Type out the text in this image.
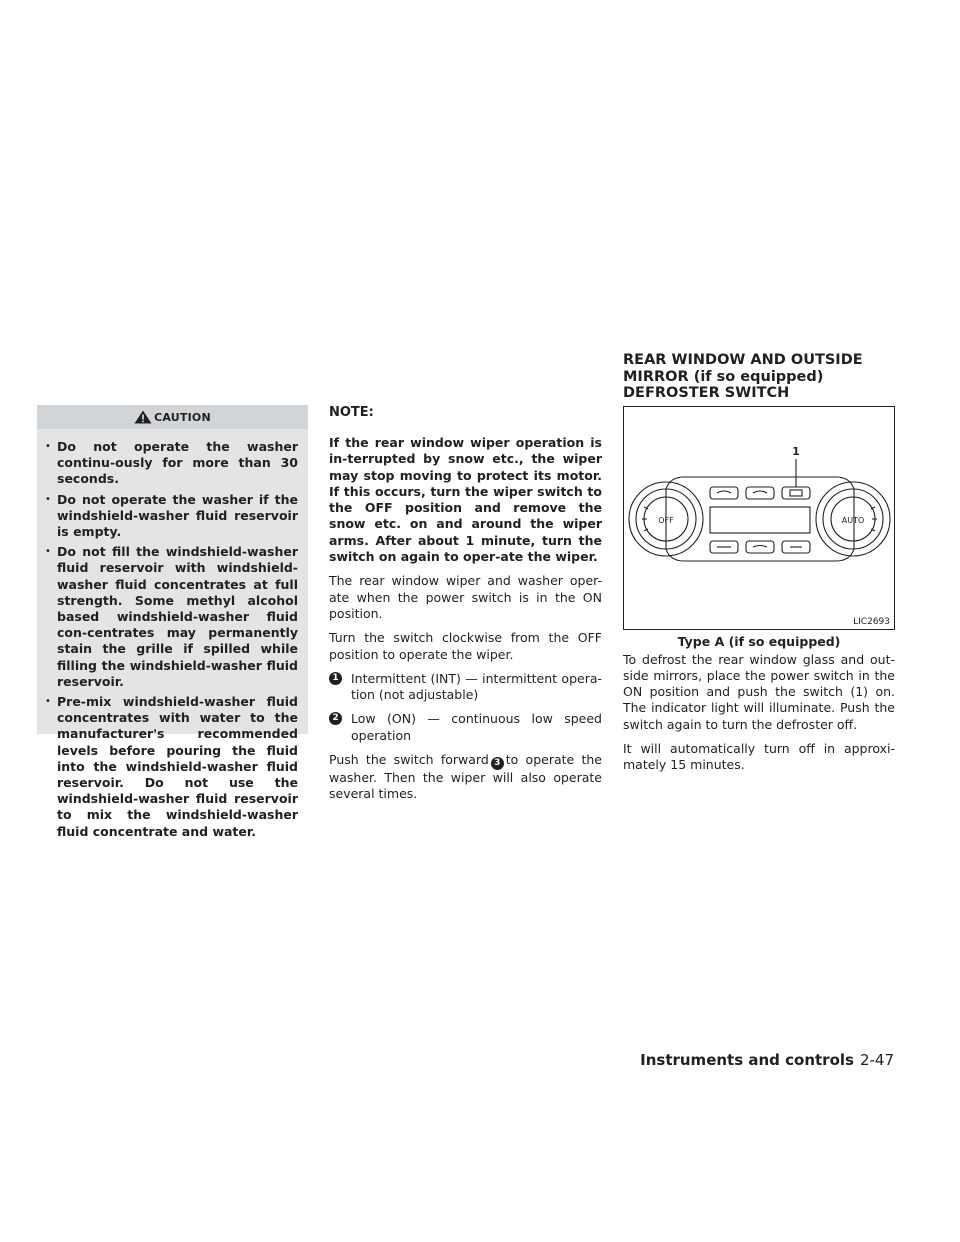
CAUTION
• Do not operate the washer continu-ously for more than 30 seconds.
• Do not operate the washer if the windshield-washer fluid reservoir is empty.
• Do not fill the windshield-washer fluid reservoir with windshield-washer fluid concentrates at full strength. Some methyl alcohol based windshield-washer fluid con-centrates may permanently stain the grille if spilled while filling the windshield-washer fluid reservoir.
• Pre-mix windshield-washer fluid concentrates with water to the manufacturer's recommended levels before pouring the fluid into the windshield-washer fluid reservoir. Do not use the windshield-washer fluid reservoir to mix the windshield-washer fluid concentrate and water.

NOTE:

If the rear window wiper operation is in-terrupted by snow etc., the wiper may stop moving to protect its motor. If this occurs, turn the wiper switch to the OFF position and remove the snow etc. on and around the wiper arms. After about 1 minute, turn the switch on again to oper-ate the wiper.

The rear window wiper and washer oper-ate when the power switch is in the ON position.

Turn the switch clockwise from the OFF position to operate the wiper.

1 Intermittent (INT) — intermittent opera-tion (not adjustable)
2 Low (ON) — continuous low speed operation

Push the switch forward 3 to operate the washer. Then the wiper will also operate several times.

REAR WINDOW AND OUTSIDE
MIRROR (if so equipped)
DEFROSTER SWITCH
1
OFF	AUTO
LIC2693
Type A (if so equipped)

To defrost the rear window glass and out-side mirrors, place the power switch in the ON position and push the switch (1) on. The indicator light will illuminate. Push the switch again to turn the defroster off.

It will automatically turn off in approxi-mately 15 minutes.

Instruments and controls 2-47
